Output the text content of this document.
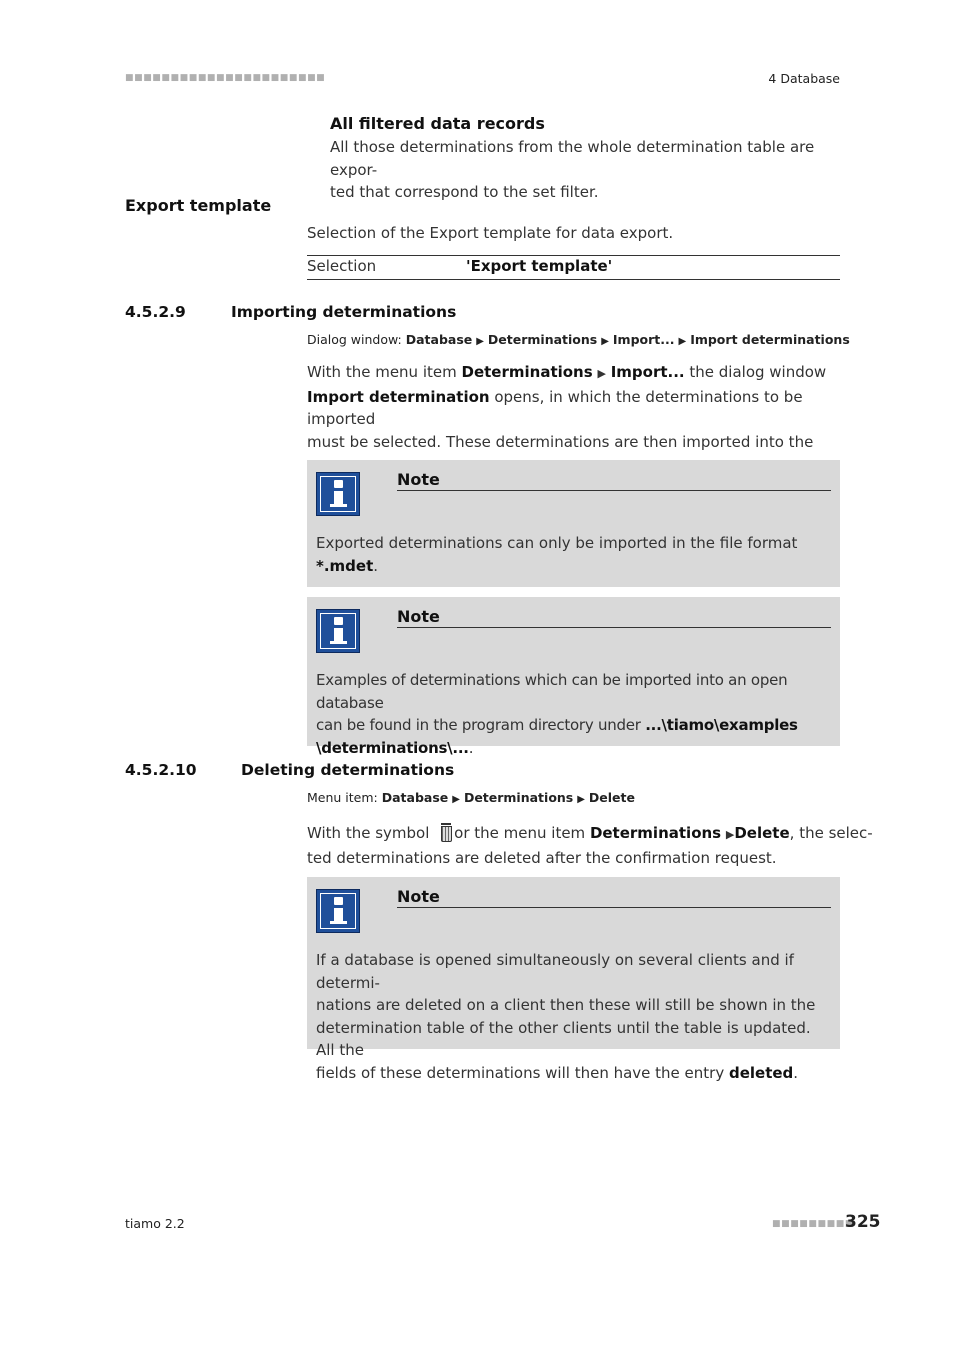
■■■■■■■■■■■■■■■■■■■■■■	4 Database
All filtered data records
All those determinations from the whole determination table are expor-
ted that correspond to the set filter.
Export template
Selection of the Export template for data export.
Selection	'Export template'
4.5.2.9	Importing determinations
Dialog window: Database ▶ Determinations ▶ Import... ▶ Import determinations
With the menu item Determinations ▶ Import... the dialog window
Import determination opens, in which the determinations to be imported
must be selected. These determinations are then imported into the
Note
Exported determinations can only be imported in the file format
*.mdet.
Note
Examples of determinations which can be imported into an open database
can be found in the program directory under ...\tiamo\examples
\determinations\....
4.5.2.10	Deleting determinations
Menu item: Database ▶ Determinations ▶ Delete
With the symbol
or the menu item Determinations ▶Delete, the selec-
ted determinations are deleted after the confirmation request.
Note
If a database is opened simultaneously on several clients and if determi-
nations are deleted on a client then these will still be shown in the
determination table of the other clients until the table is updated. All the
fields of these determinations will then have the entry deleted.
tiamo 2.2	■■■■■■■■■
325
